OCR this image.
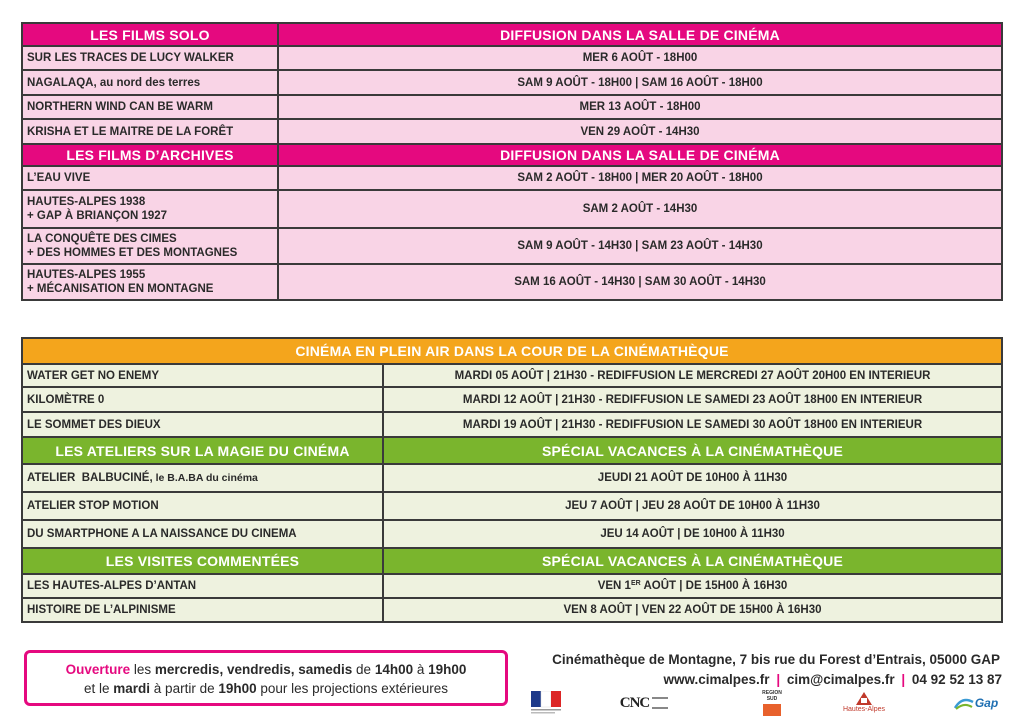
LES FILMS SOLO	DIFFUSION DANS LA SALLE DE CINÉMA
SUR LES TRACES DE LUCY WALKER	MER 6 AOÛT - 18H00
NAGALAQA, au nord des terres	SAM 9 AOÛT - 18H00 | SAM 16 AOÛT - 18H00
NORTHERN WIND CAN BE WARM	MER 13 AOÛT - 18H00
KRISHA ET LE MAITRE DE LA FORÊT	VEN 29 AOÛT - 14H30
LES FILMS D’ARCHIVES	DIFFUSION DANS LA SALLE DE CINÉMA
L’EAU VIVE	SAM 2 AOÛT - 18H00 | MER 20 AOÛT - 18H00
HAUTES-ALPES 1938
+ GAP À BRIANÇON 1927	SAM 2 AOÛT - 14H30
LA CONQUÊTE DES CIMES
+ DES HOMMES ET DES MONTAGNES	SAM 9 AOÛT - 14H30 | SAM 23 AOÛT - 14H30
HAUTES-ALPES 1955
+ MÉCANISATION EN MONTAGNE	SAM 16 AOÛT - 14H30 | SAM 30 AOÛT - 14H30
CINÉMA EN PLEIN AIR DANS LA COUR DE LA CINÉMATHÈQUE	
WATER GET NO ENEMY	MARDI 05 AOÛT | 21H30 - REDIFFUSION LE MERCREDI 27 AOÛT 20H00 EN INTERIEUR
KILOMÈTRE 0	MARDI 12 AOÛT | 21H30 - REDIFFUSION LE SAMEDI 23 AOÛT 18H00 EN INTERIEUR
LE SOMMET DES DIEUX	MARDI 19 AOÛT | 21H30 - REDIFFUSION LE SAMEDI 30 AOÛT 18H00 EN INTERIEUR
LES ATELIERS SUR LA MAGIE DU CINÉMA	SPÉCIAL VACANCES À LA CINÉMATHÈQUE
ATELIER  BALBUCINÉ, le B.A.BA du cinéma	JEUDI 21 AOÛT DE 10H00 À 11H30
ATELIER STOP MOTION	JEU 7 AOÛT | JEU 28 AOÛT DE 10H00 À 11H30
DU SMARTPHONE A LA NAISSANCE DU CINEMA	JEU 14 AOÛT | DE 10H00 À 11H30
LES VISITES COMMENTÉES	SPÉCIAL VACANCES À LA CINÉMATHÈQUE
LES HAUTES-ALPES D’ANTAN	VEN 1ER AOÛT | DE 15H00 À 16H30
HISTOIRE DE L’ALPINISME	VEN 8 AOÛT | VEN 22 AOÛT DE 15H00 À 16H30
Ouverture les mercredis, vendredis, samedis de 14h00 à 19h00
et le mardi à partir de 19h00 pour les projections extérieures
Cinémathèque de Montagne, 7 bis rue du Forest d’Entrais, 05000 GAP
www.cimalpes.fr | cim@cimalpes.fr | 04 92 52 13 87
CNC
REGION SUD
Hautes-Alpes	Gap
